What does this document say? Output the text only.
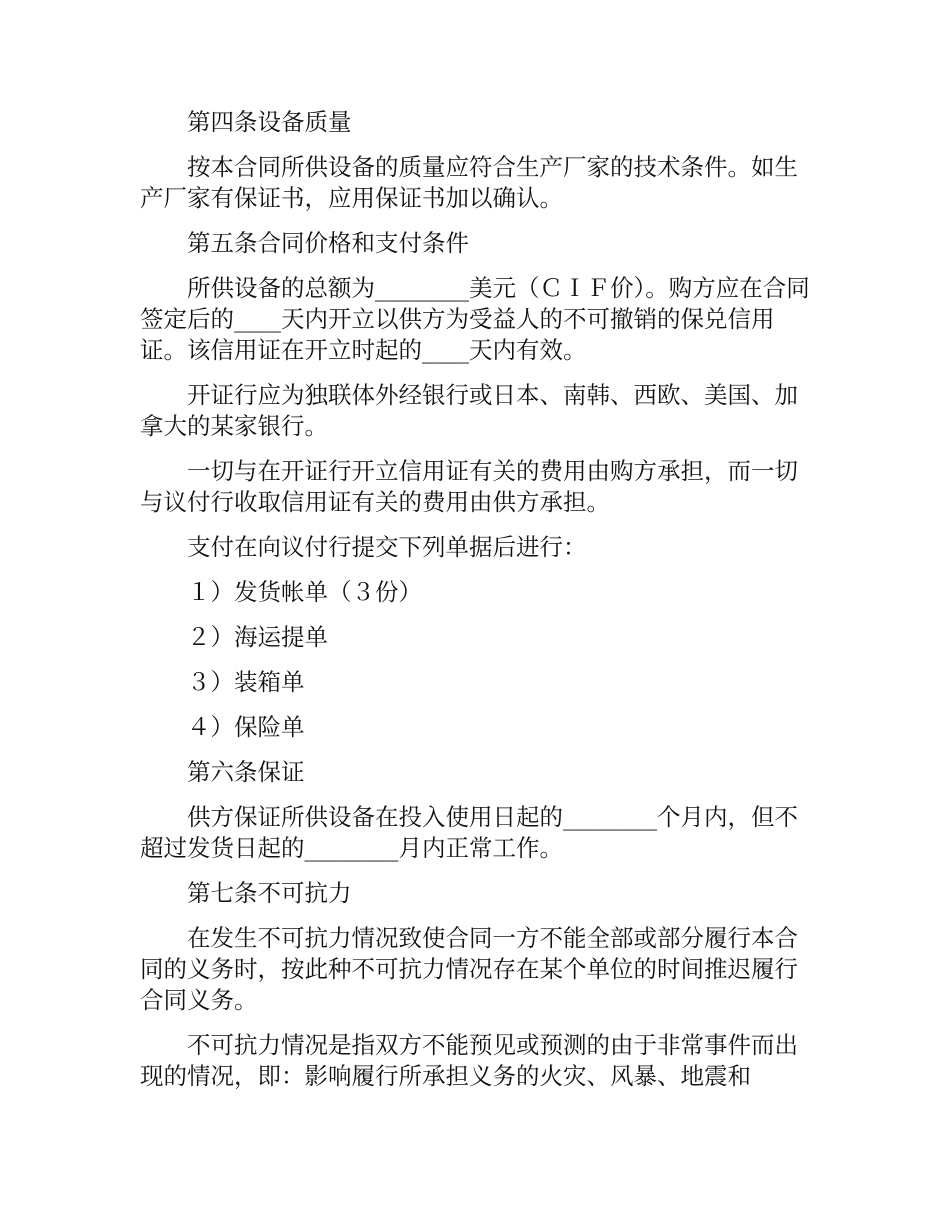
第四条设备质量

按本合同所供设备的质量应符合生产厂家的技术条件。如生产厂家有保证书，应用保证书加以确认。

第五条合同价格和支付条件

所供设备的总额为________美元（ＣＩＦ价）。购方应在合同签定后的____天内开立以供方为受益人的不可撤销的保兑信用证。该信用证在开立时起的____天内有效。

开证行应为独联体外经银行或日本、南韩、西欧、美国、加拿大的某家银行。

一切与在开证行开立信用证有关的费用由购方承担，而一切与议付行收取信用证有关的费用由供方承担。

支付在向议付行提交下列单据后进行：

１）发货帐单（３份）

２）海运提单

３）装箱单

４）保险单

第六条保证

供方保证所供设备在投入使用日起的________个月内，但不超过发货日起的________月内正常工作。

第七条不可抗力

在发生不可抗力情况致使合同一方不能全部或部分履行本合同的义务时，按此种不可抗力情况存在某个单位的时间推迟履行合同义务。

不可抗力情况是指双方不能预见或预测的由于非常事件而出现的情况，即：影响履行所承担义务的火灾、风暴、地震和
